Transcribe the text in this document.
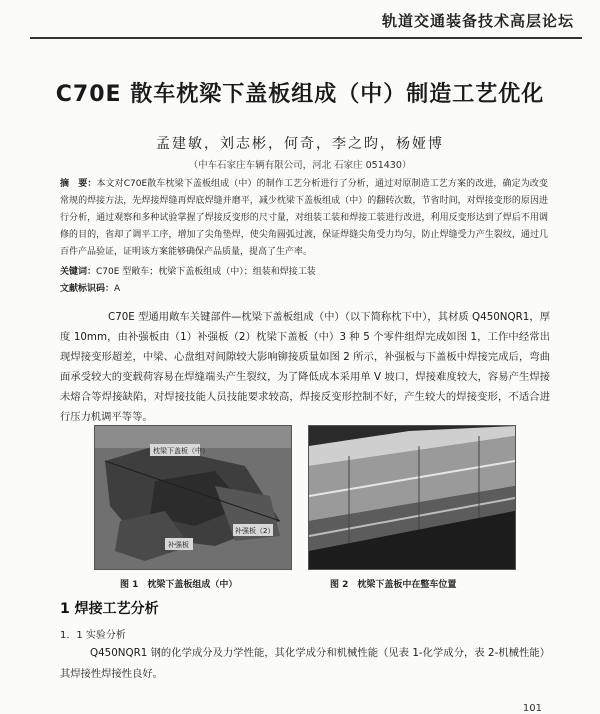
轨道交通装备技术高层论坛
C70E 散车枕梁下盖板组成（中）制造工艺优化
孟建敏，刘志彬，何奇，李之昀，杨娅博
（中车石家庄车辆有限公司，河北 石家庄 051430）
摘　要：本文对C70E散车枕梁下盖板组成（中）的制作工艺分析进行了分析，通过对原制造工艺方案的改进，确定为改变常规的焊接方法，先焊接焊缝再焊底焊缝并磨平，减少枕梁下盖板组成（中）的翻转次数，节省时间，对焊接变形的原因进行分析，通过观察和多种试验掌握了焊接反变形的尺寸量，对组装工装和焊接工装进行改进，利用反变形达到了焊后不用调修的目的，省却了调平工序，增加了尖角垫焊，使尖角圆弧过渡，保证焊缝尖角受力均匀，防止焊缝受力产生裂纹，通过几百件产品验证，证明该方案能够确保产品质量，提高了生产率。
关键词：C70E 型敞车；枕梁下盖板组成（中）；组装和焊接工装
文献标识码：A
C70E 型通用敞车关键部件—枕梁下盖板组成（中）（以下简称枕下中），其材质 Q450NQR1，厚度 10mm，由补强板由（1）补强板（2）枕梁下盖板（中）3 种 5 个零件组焊完成如图 1，工作中经常出现焊接变形超差，中梁、心盘组对间隙较大影响铆接质量如图 2 所示，补强板与下盖板中焊接完成后，弯曲面承受较大的变载荷容易在焊缝端头产生裂纹，为了降低成本采用单 V 坡口，焊接难度较大，容易产生焊接未熔合等焊接缺陷，对焊接技能人员技能要求较高，焊接反变形控制不好，产生较大的焊接变形，不适合进行压力机调平等等。
枕梁下盖板（中）
补强板（2）
补强板
图 1　枕梁下盖板组成（中）	图 2　枕梁下盖板中在整车位置
1 焊接工艺分析
1．1 实验分析
Q450NQR1 钢的化学成分及力学性能，其化学成分和机械性能（见表 1-化学成分，表 2-机械性能）其焊接性焊接性良好。
101
